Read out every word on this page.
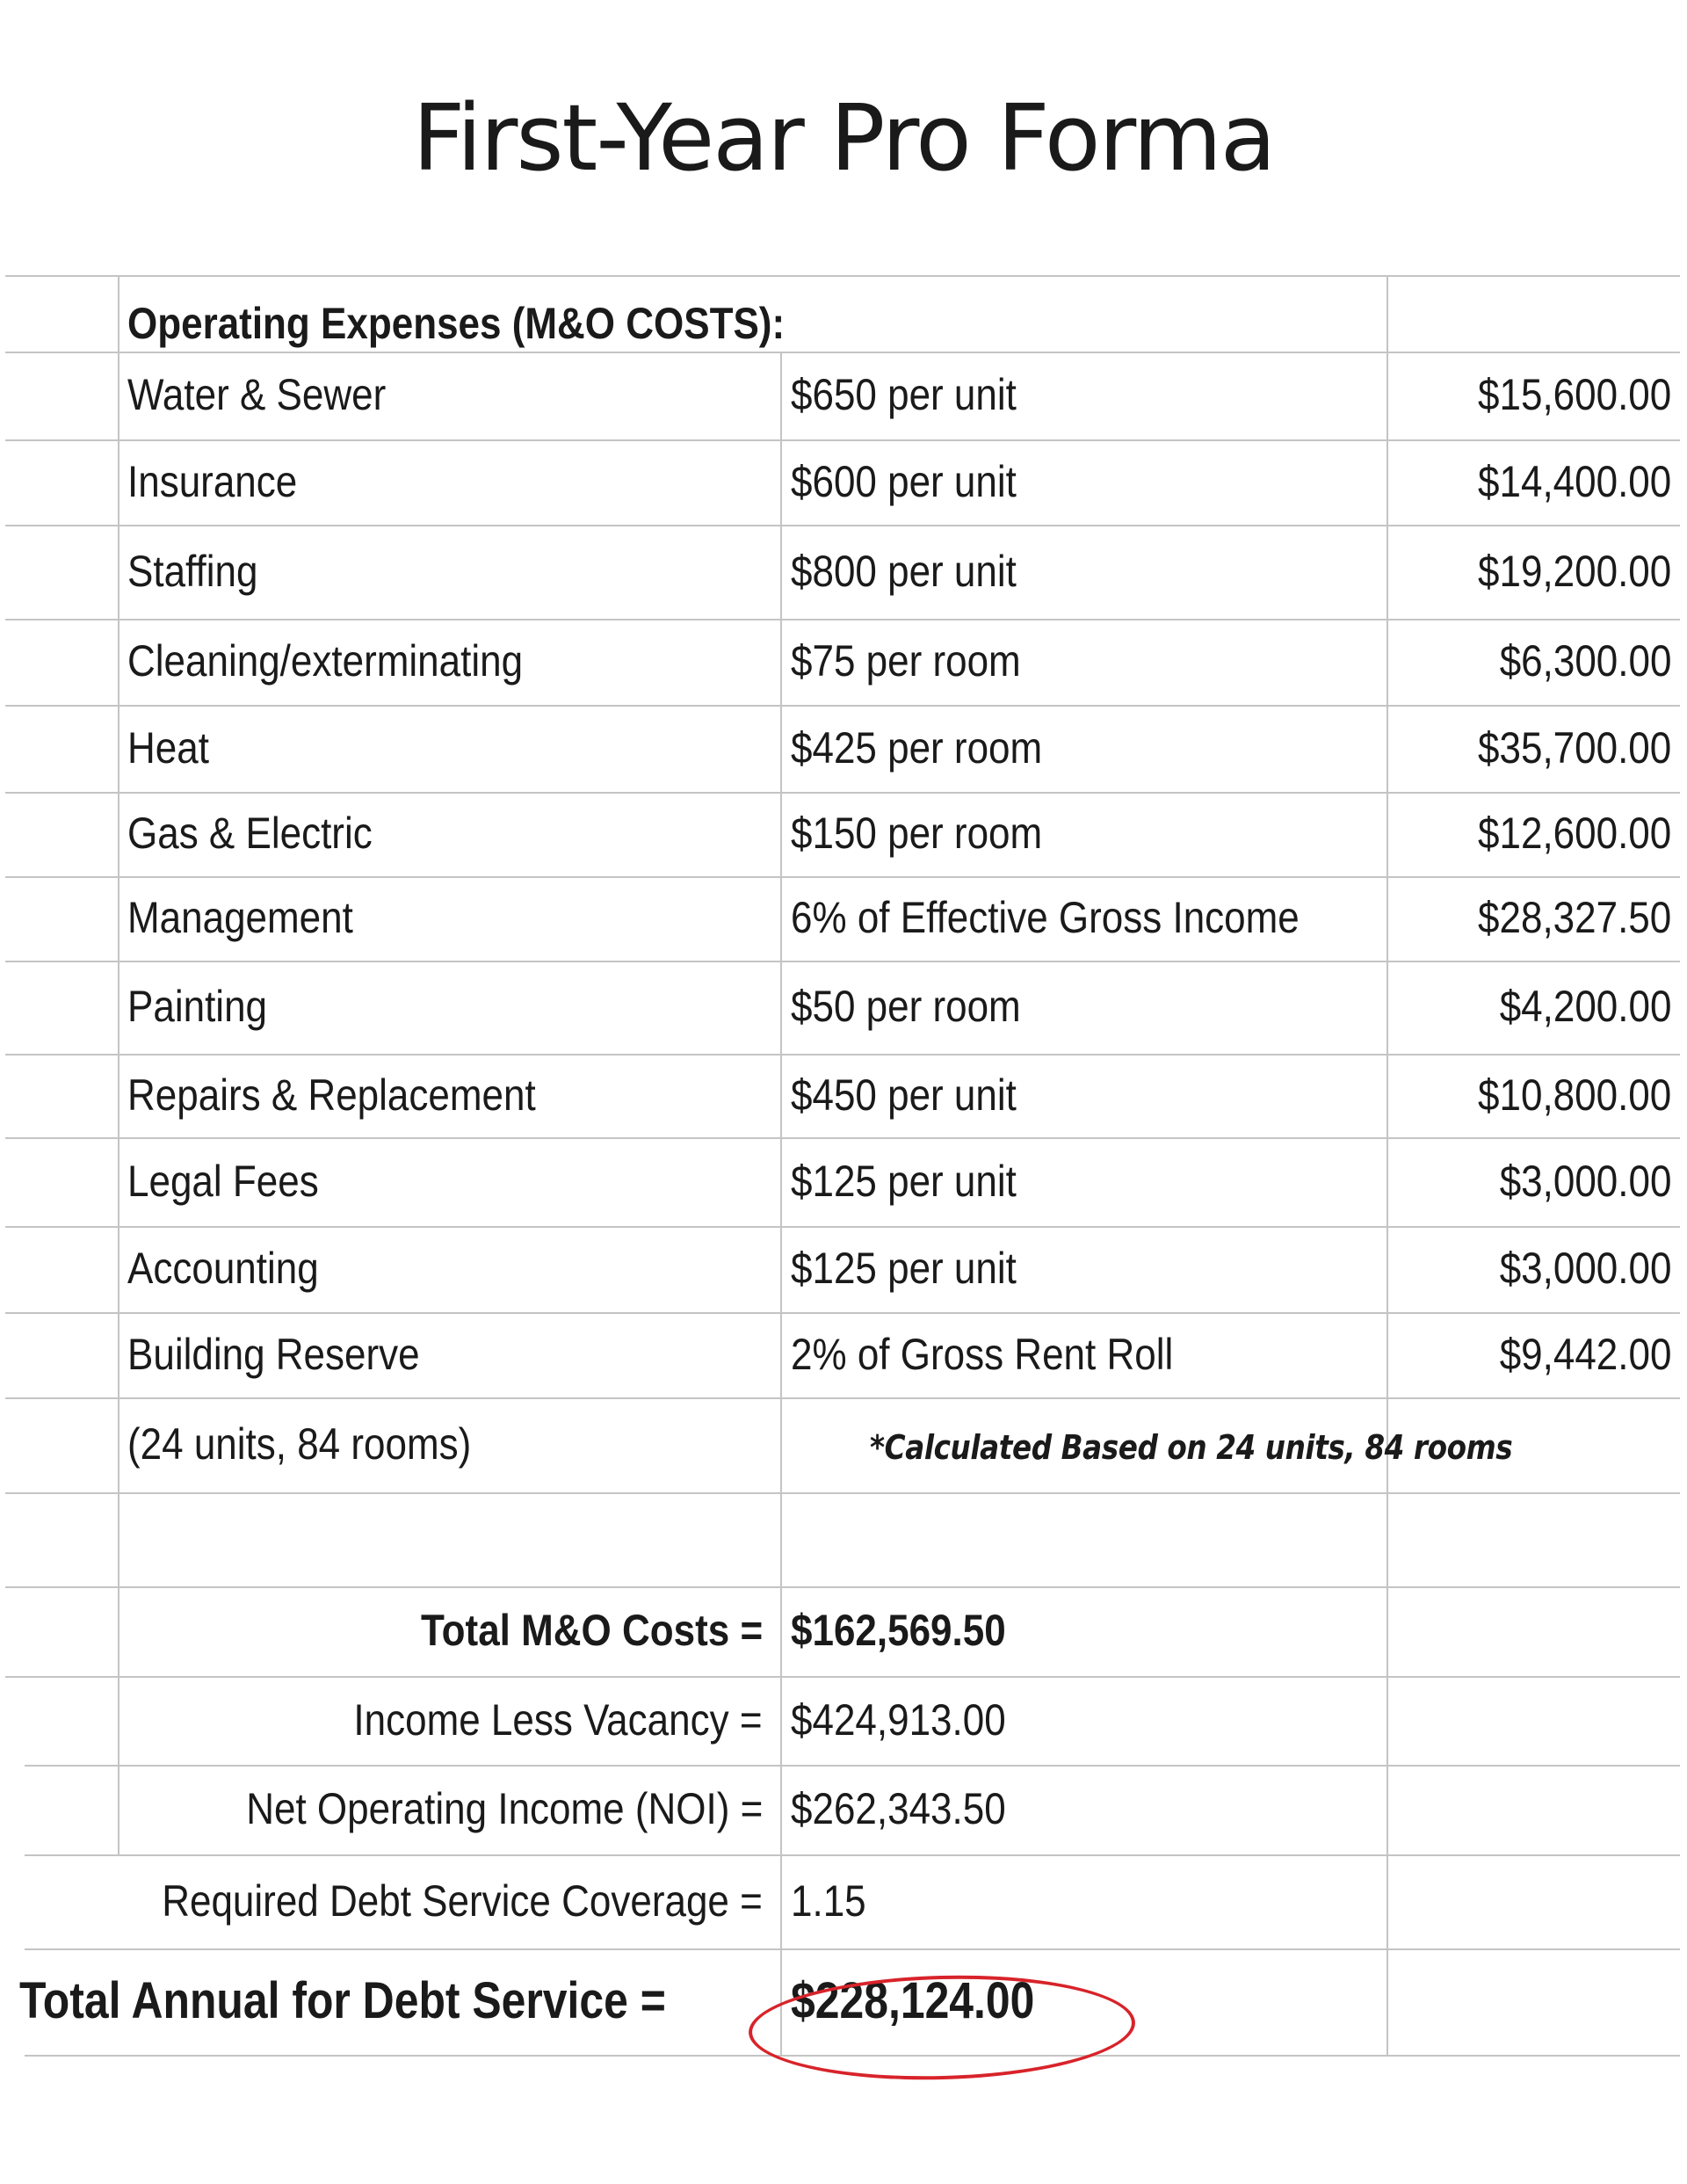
First-Year Pro Forma
Operating Expenses (M&O COSTS):
Water & Sewer	$650 per unit	$15,600.00
Insurance	$600 per unit	$14,400.00
Staffing	$800 per unit	$19,200.00
Cleaning/exterminating	$75 per room	$6,300.00
Heat	$425 per room	$35,700.00
Gas & Electric	$150 per room	$12,600.00
Management	6% of Effective Gross Income	$28,327.50
Painting	$50 per room	$4,200.00
Repairs & Replacement	$450 per unit	$10,800.00
Legal Fees	$125 per unit	$3,000.00
Accounting	$125 per unit	$3,000.00
Building Reserve	2% of Gross Rent Roll	$9,442.00
(24 units, 84 rooms)	*Calculated Based on 24 units, 84 rooms
Total M&O Costs = $162,569.50
Income Less Vacancy = $424,913.00
Net Operating Income (NOI) = $262,343.50
Required Debt Service Coverage = 1.15
Total Annual for Debt Service = $228,124.00
